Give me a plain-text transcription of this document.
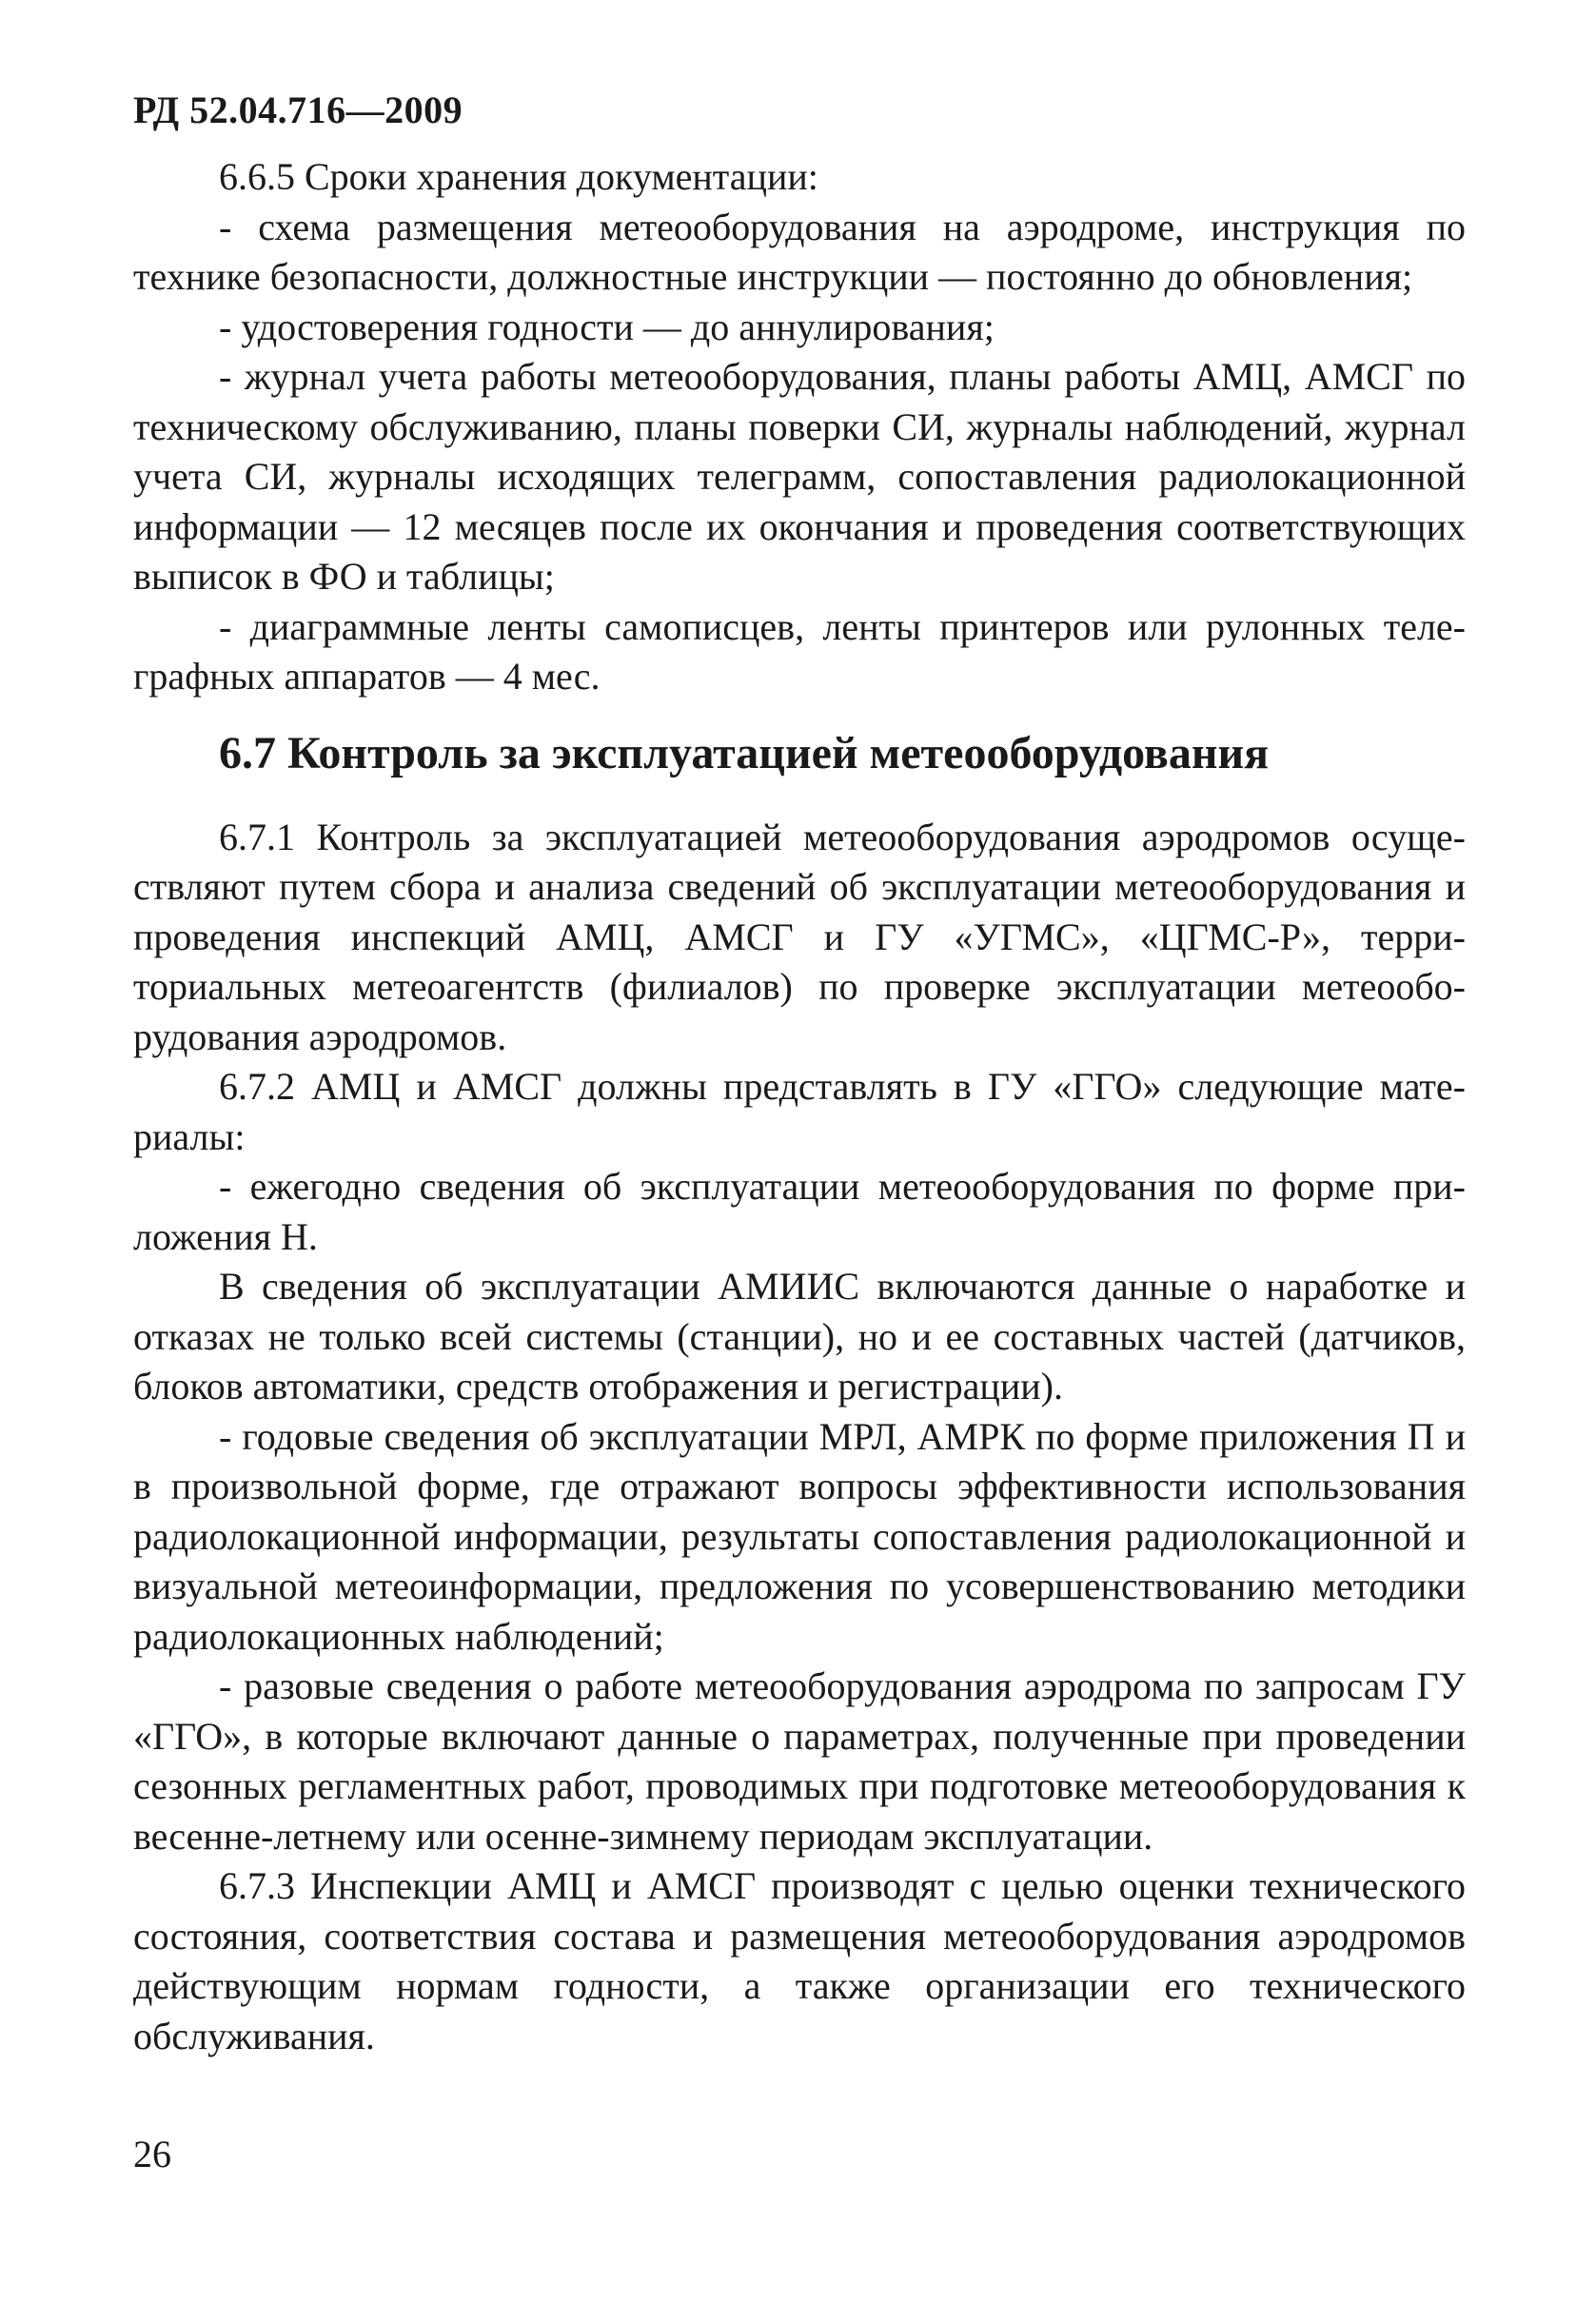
РД 52.04.716—2009

6.6.5 Сроки хранения документации:

- схема размещения метеооборудования на аэродроме, инструкция по технике безопасности, должностные инструкции — постоянно до обновления;

- удостоверения годности — до аннулирования;

- журнал учета работы метеооборудования, планы работы АМЦ, АМСГ по техническому обслуживанию, планы поверки СИ, журналы наблюдений, журнал учета СИ, журналы исходящих телеграмм, сопоставления радиолокационной информации — 12 месяцев после их окончания и проведения соответствующих выписок в ФО и таблицы;

- диаграммные ленты самописцев, ленты принтеров или рулонных телеграфных аппаратов — 4 мес.

6.7 Контроль за эксплуатацией метеооборудования

6.7.1 Контроль за эксплуатацией метеооборудования аэродромов осуществляют путем сбора и анализа сведений об эксплуатации метеооборудования и проведения инспекций АМЦ, АМСГ и ГУ «УГМС», «ЦГМС-Р», территориальных метеоагентств (филиалов) по проверке эксплуатации метеооборудования аэродромов.

6.7.2 АМЦ и АМСГ должны представлять в ГУ «ГГО» следующие материалы:

- ежегодно сведения об эксплуатации метеооборудования по форме приложения Н.

В сведения об эксплуатации АМИИС включаются данные о наработке и отказах не только всей системы (станции), но и ее составных частей (датчиков, блоков автоматики, средств отображения и регистрации).

- годовые сведения об эксплуатации МРЛ, АМРК по форме приложения П и в произвольной форме, где отражают вопросы эффективности использования радиолокационной информации, результаты сопоставления радиолокационной и визуальной метеоинформации, предложения по усовершенствованию методики радиолокационных наблюдений;

- разовые сведения о работе метеооборудования аэродрома по запросам ГУ «ГГО», в которые включают данные о параметрах, полученные при проведении сезонных регламентных работ, проводимых при подготовке метеооборудования к весенне-летнему или осенне-зимнему периодам эксплуатации.

6.7.3 Инспекции АМЦ и АМСГ производят с целью оценки технического состояния, соответствия состава и размещения метеооборудования аэродромов действующим нормам годности, а также организации его технического обслуживания.

26
